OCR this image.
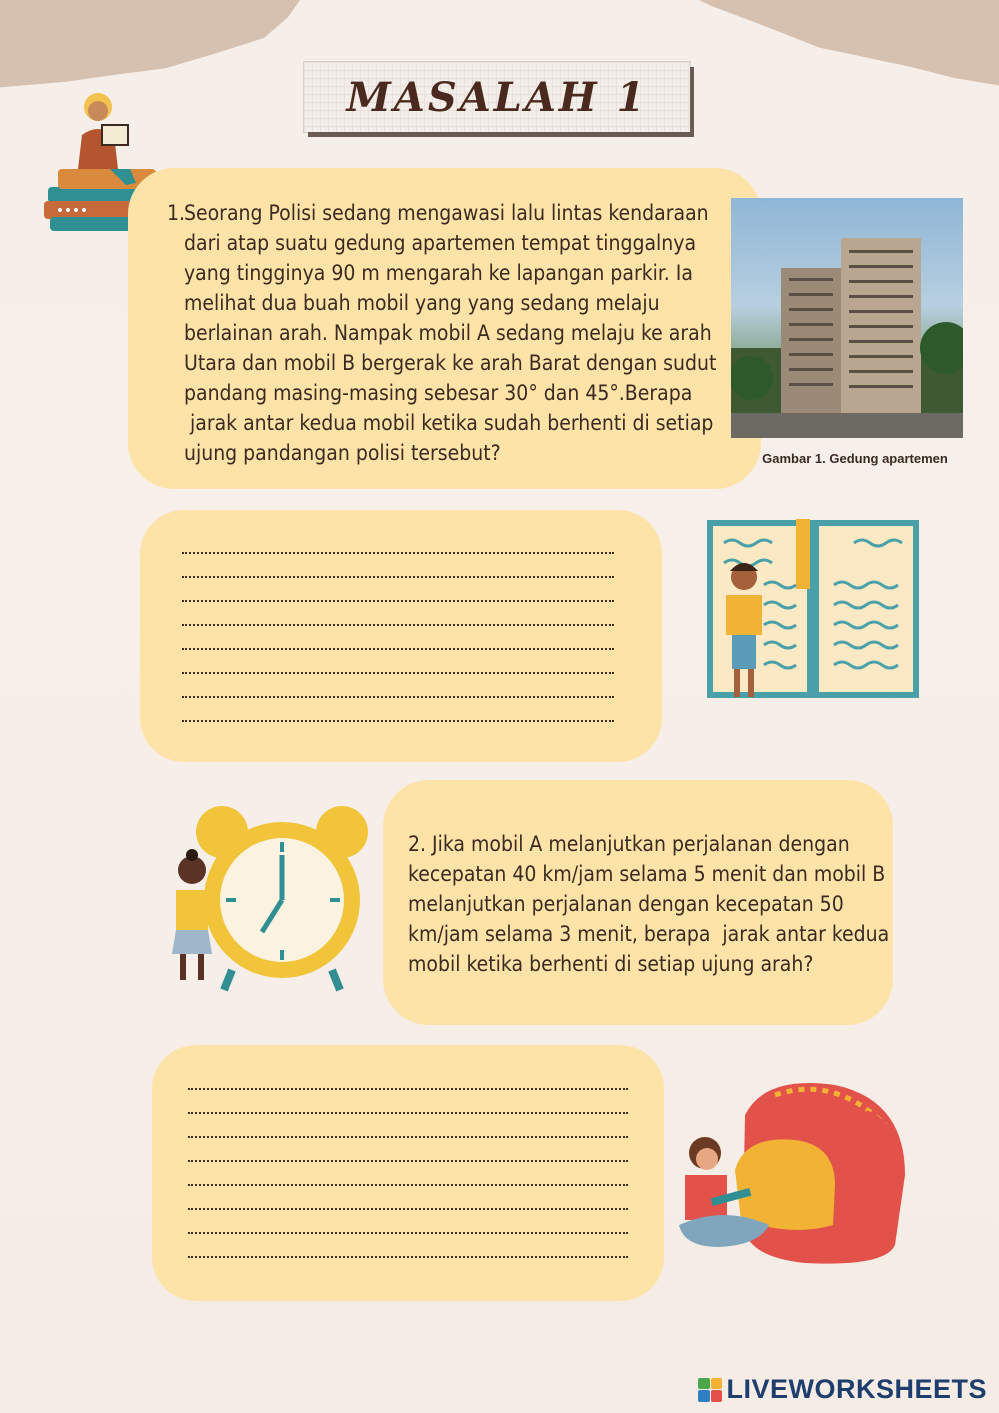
MASALAH 1
1.
Seorang Polisi sedang mengawasi lalu lintas kendaraan
dari atap suatu gedung apartemen tempat tinggalnya
yang tingginya 90 m mengarah ke lapangan parkir. Ia
melihat dua buah mobil yang yang sedang melaju
berlainan arah. Nampak mobil A sedang melaju ke arah
Utara dan mobil B bergerak ke arah Barat dengan sudut
pandang masing-masing sebesar 30° dan 45°.Berapa
jarak antar kedua mobil ketika sudah berhenti di setiap
ujung pandangan polisi tersebut?	Gambar 1. Gedung apartemen
2. Jika mobil A melanjutkan perjalanan dengan
kecepatan 40 km/jam selama 5 menit dan mobil B
melanjutkan perjalanan dengan kecepatan 50
km/jam selama 3 menit, berapa  jarak antar kedua
mobil ketika berhenti di setiap ujung arah?
LIVEWORKSHEETS
